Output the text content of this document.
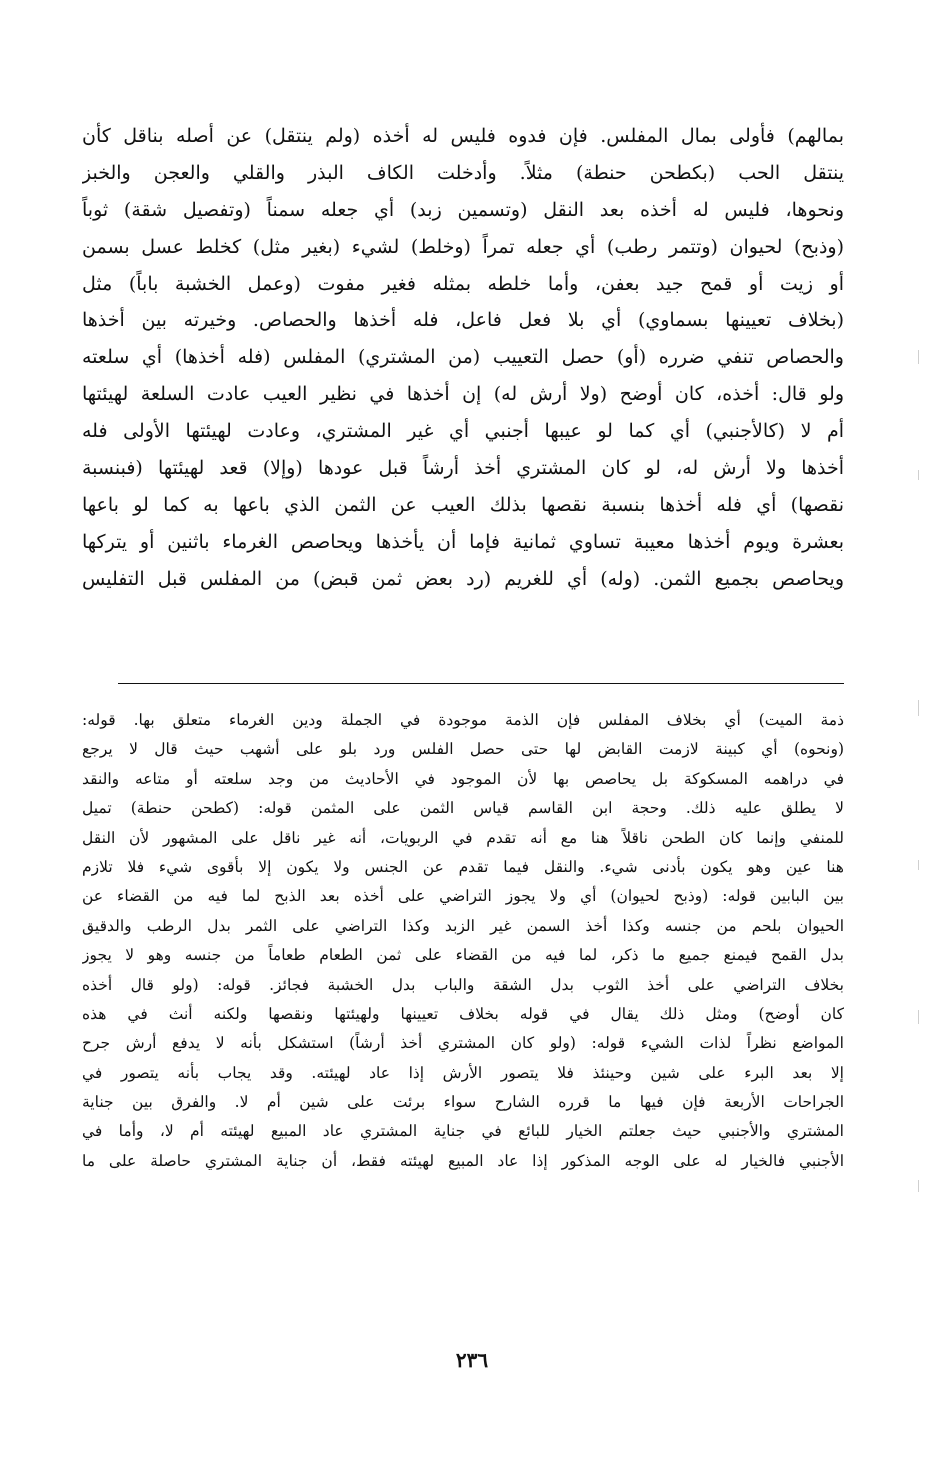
بمالهم) فأولى بمال المفلس. فإن فدوه فليس له أخذه (ولم ينتقل) عن أصله بناقل كأن
ينتقل الحب (بكطحن حنطة) مثلاً. وأدخلت الكاف البذر والقلي والعجن والخبز
ونحوها، فليس له أخذه بعد النقل (وتسمين زبد) أي جعله سمناً (وتفصيل شقة) ثوباً
(وذبح) لحيوان (وتتمر رطب) أي جعله تمراً (وخلط) لشيء (بغير مثل) كخلط عسل بسمن
أو زيت أو قمح جيد بعفن، وأما خلطه بمثله فغير مفوت (وعمل الخشبة باباً) مثل
(بخلاف تعيينها بسماوي) أي بلا فعل فاعل، فله أخذها والحصاص. وخيرته بين أخذها
والحصاص تنفي ضرره (أو) حصل التعييب (من المشتري) المفلس (فله أخذها) أي سلعته
ولو قال: أخذه، كان أوضح (ولا أرش له) إن أخذها في نظير العيب عادت السلعة لهيئتها
أم لا (كالأجنبي) أي كما لو عيبها أجنبي أي غير المشتري، وعادت لهيئتها الأولى فله
أخذها ولا أرش له، لو كان المشتري أخذ أرشاً قبل عودها (وإلا) قعد لهيئتها (فبنسبة
نقصها) أي فله أخذها بنسبة نقصها بذلك العيب عن الثمن الذي باعها به كما لو باعها
بعشرة ويوم أخذها معيبة تساوي ثمانية فإما أن يأخذها ويحاصص الغرماء باثنين أو يتركها
ويحاصص بجميع الثمن. (وله) أي للغريم (رد بعض ثمن قبض) من المفلس قبل التفليس
ذمة الميت) أي بخلاف المفلس فإن الذمة موجودة في الجملة ودين الغرماء متعلق بها. قوله:
(ونحوه) أي كبينة لازمت القابض لها حتى حصل الفلس ورد بلو على أشهب حيث قال لا يرجع
في دراهمه المسكوكة بل يحاصص بها لأن الموجود في الأحاديث من وجد سلعته أو متاعه والنقد
لا يطلق عليه ذلك. وحجة ابن القاسم قياس الثمن على المثمن قوله: (كطحن حنطة) تميل
للمنفي وإنما كان الطحن ناقلاً هنا مع أنه تقدم في الربويات، أنه غير ناقل على المشهور لأن النقل
هنا عين وهو يكون بأدنى شيء. والنقل فيما تقدم عن الجنس ولا يكون إلا بأقوى شيء فلا تلازم
بين البابين قوله: (وذبح لحيوان) أي ولا يجوز التراضي على أخذه بعد الذبح لما فيه من القضاء عن
الحيوان بلحم من جنسه وكذا أخذ السمن غير الزبد وكذا التراضي على الثمر بدل الرطب والدقيق
بدل القمح فيمنع جميع ما ذكر، لما فيه من القضاء على ثمن الطعام طعاماً من جنسه وهو لا يجوز
بخلاف التراضي على أخذ الثوب بدل الشقة والباب بدل الخشبة فجائز. قوله: (ولو قال أخذه
كان أوضح) ومثل ذلك يقال في قوله بخلاف تعيينها ولهيئتها ونقصها ولكنه أنث في هذه
المواضع نظراً لذات الشيء قوله: (ولو كان المشتري أخذ أرشاً) استشكل بأنه لا يدفع أرش جرح
إلا بعد البرء على شين وحينئذ فلا يتصور الأرش إذا عاد لهيئته. وقد يجاب بأنه يتصور في
الجراحات الأربعة فإن فيها ما قرره الشارح سواء برئت على شين أم لا. والفرق بين جناية
المشتري والأجنبي حيث جعلتم الخيار للبائع في جناية المشتري عاد المبيع لهيئته أم لا، وأما في
الأجنبي فالخيار له على الوجه المذكور إذا عاد المبيع لهيئته فقط، أن جناية المشتري حاصلة على ما
٢٣٦
